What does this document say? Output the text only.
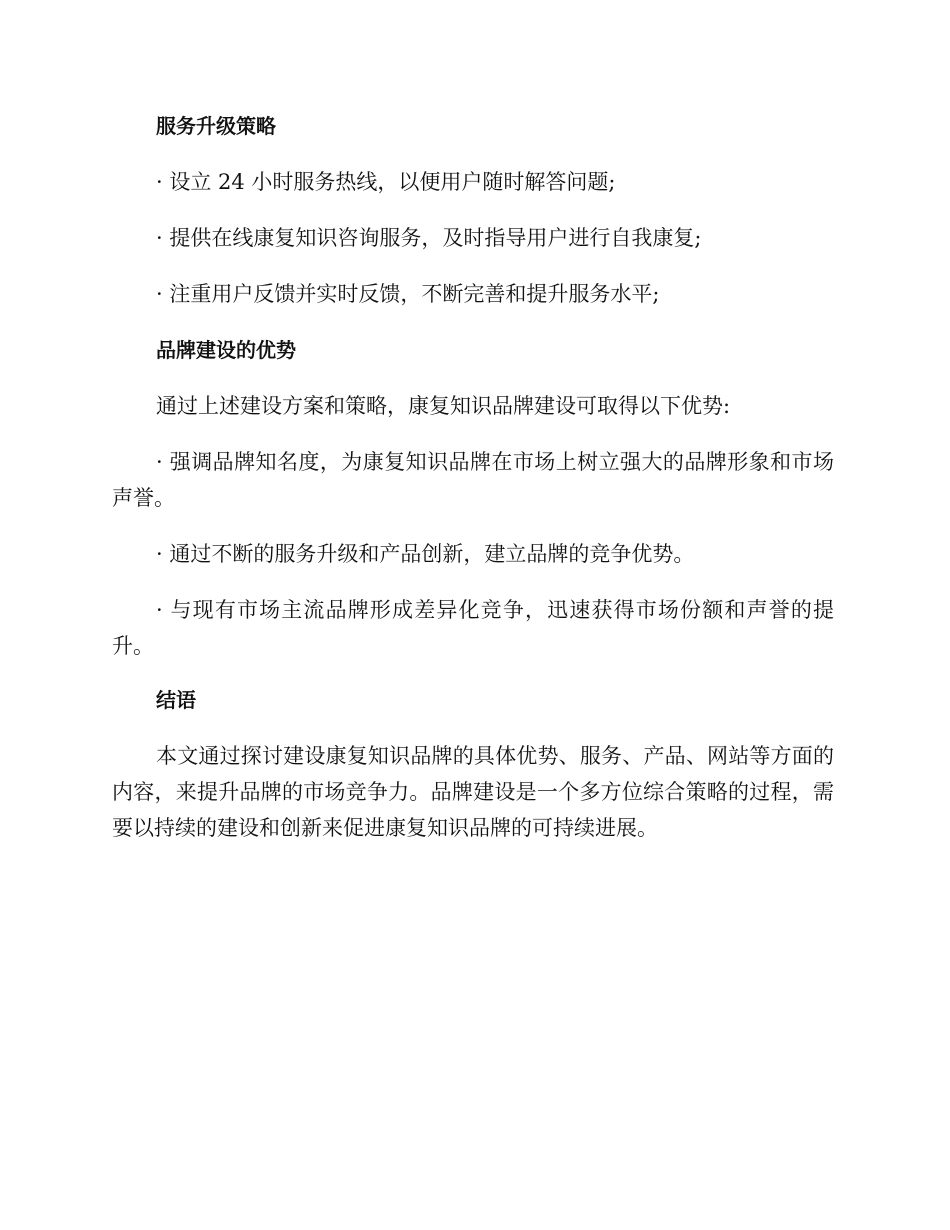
服务升级策略

· 设立 24 小时服务热线，以便用户随时解答问题;

· 提供在线康复知识咨询服务，及时指导用户进行自我康复;

· 注重用户反馈并实时反馈，不断完善和提升服务水平;

品牌建设的优势

通过上述建设方案和策略，康复知识品牌建设可取得以下优势:

· 强调品牌知名度，为康复知识品牌在市场上树立强大的品牌形象和市场声誉。

· 通过不断的服务升级和产品创新，建立品牌的竞争优势。

· 与现有市场主流品牌形成差异化竞争，迅速获得市场份额和声誉的提升。

结语

本文通过探讨建设康复知识品牌的具体优势、服务、产品、网站等方面的内容，来提升品牌的市场竞争力。品牌建设是一个多方位综合策略的过程，需要以持续的建设和创新来促进康复知识品牌的可持续进展。
